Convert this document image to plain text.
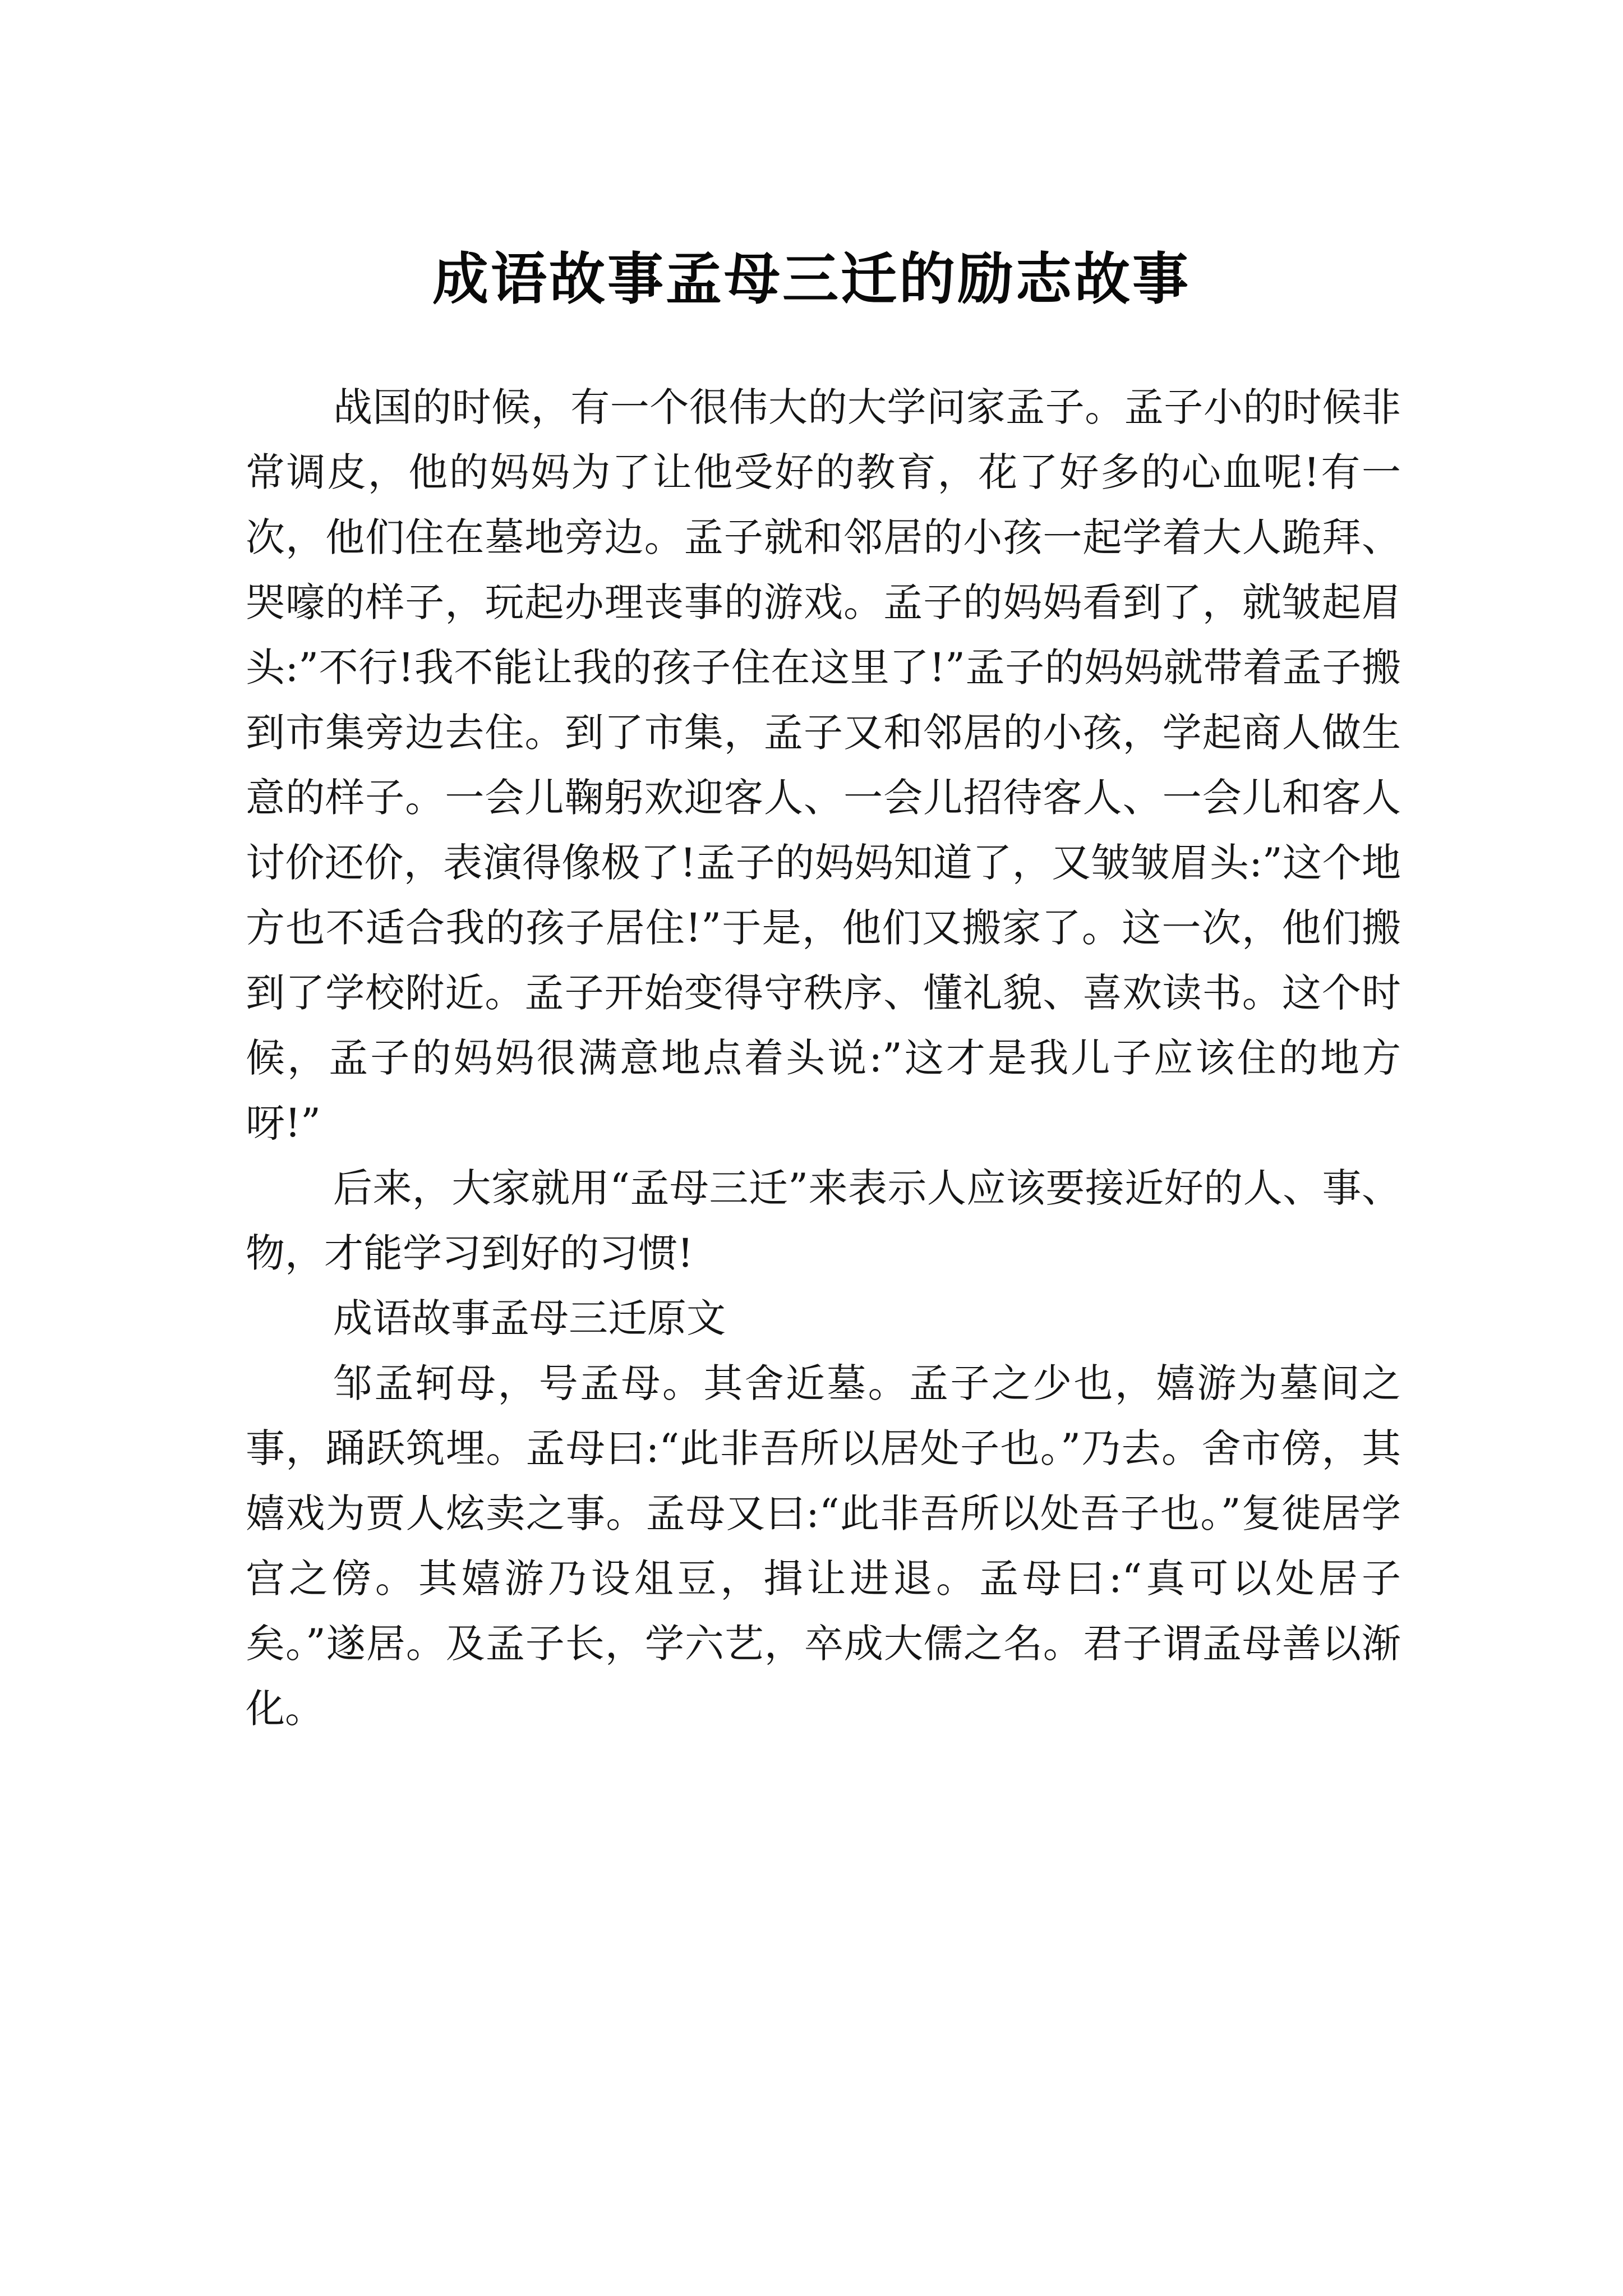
成语故事孟母三迁的励志故事

战国的时候，有一个很伟大的大学问家孟子。孟子小的时候非常调皮，他的妈妈为了让他受好的教育，花了好多的心血呢!有一次，他们住在墓地旁边。孟子就和邻居的小孩一起学着大人跪拜、哭嚎的样子，玩起办理丧事的游戏。孟子的妈妈看到了，就皱起眉头:”不行!我不能让我的孩子住在这里了!”孟子的妈妈就带着孟子搬到市集旁边去住。到了市集，孟子又和邻居的小孩，学起商人做生意的样子。一会儿鞠躬欢迎客人、一会儿招待客人、一会儿和客人讨价还价，表演得像极了!孟子的妈妈知道了，又皱皱眉头:”这个地方也不适合我的孩子居住!”于是，他们又搬家了。这一次，他们搬到了学校附近。孟子开始变得守秩序、懂礼貌、喜欢读书。这个时候，孟子的妈妈很满意地点着头说:”这才是我儿子应该住的地方呀!”

后来，大家就用“孟母三迁”来表示人应该要接近好的人、事、物，才能学习到好的习惯!

成语故事孟母三迁原文

邹孟轲母，号孟母。其舍近墓。孟子之少也，嬉游为墓间之事，踊跃筑埋。孟母曰:“此非吾所以居处子也。”乃去。舍市傍，其嬉戏为贾人炫卖之事。孟母又曰:“此非吾所以处吾子也。”复徙居学宫之傍。其嬉游乃设俎豆，揖让进退。孟母曰:“真可以处居子矣。”遂居。及孟子长，学六艺，卒成大儒之名。君子谓孟母善以渐化。
